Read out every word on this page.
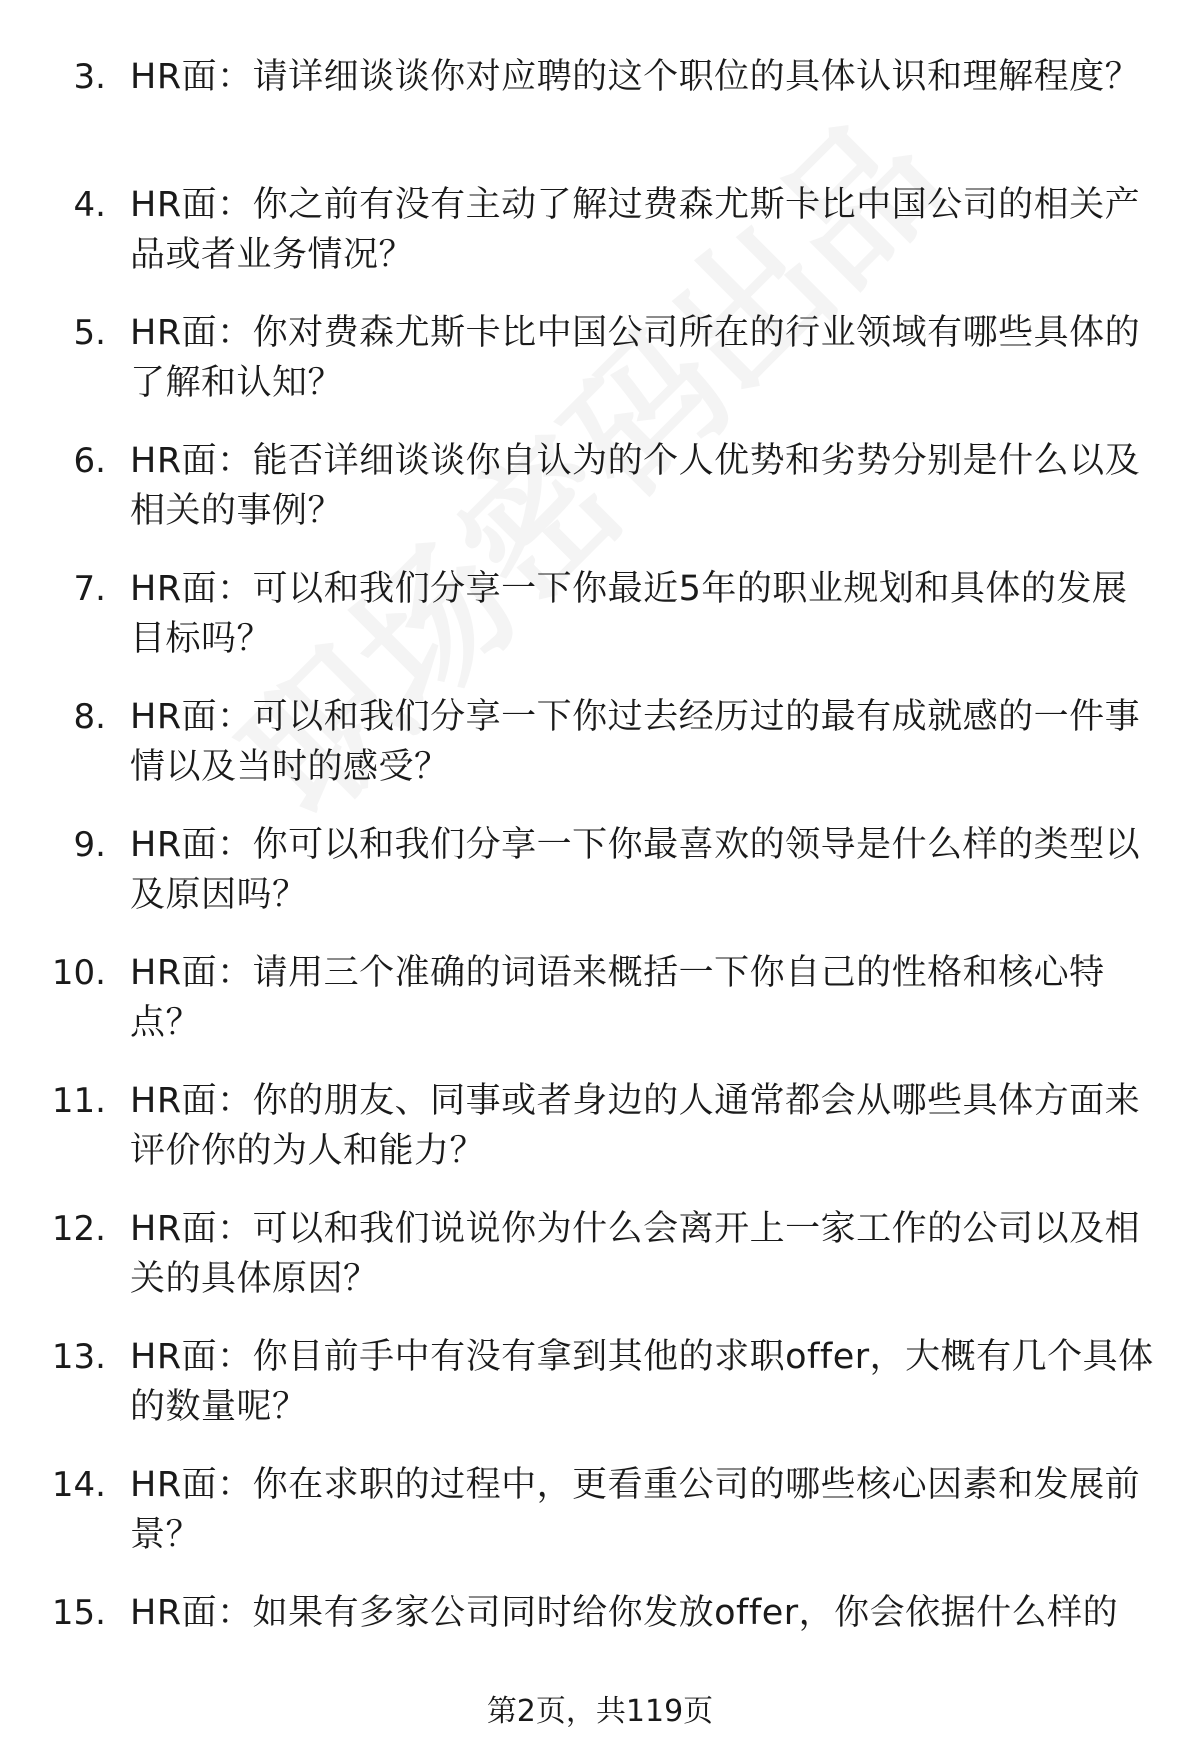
3. HR面：请详细谈谈你对应聘的这个职位的具体认识和理解程度？
4. HR面：你之前有没有主动了解过费森尤斯卡比中国公司的相关产品或者业务情况？
5. HR面：你对费森尤斯卡比中国公司所在的行业领域有哪些具体的了解和认知？
6. HR面：能否详细谈谈你自认为的个人优势和劣势分别是什么以及相关的事例？
7. HR面：可以和我们分享一下你最近5年的职业规划和具体的发展目标吗？
8. HR面：可以和我们分享一下你过去经历过的最有成就感的一件事情以及当时的感受？
9. HR面：你可以和我们分享一下你最喜欢的领导是什么样的类型以及原因吗？
10. HR面：请用三个准确的词语来概括一下你自己的性格和核心特点？
11. HR面：你的朋友、同事或者身边的人通常都会从哪些具体方面来评价你的为人和能力？
12. HR面：可以和我们说说你为什么会离开上一家工作的公司以及相关的具体原因？
13. HR面：你目前手中有没有拿到其他的求职offer，大概有几个具体的数量呢？
14. HR面：你在求职的过程中，更看重公司的哪些核心因素和发展前景？
15. HR面：如果有多家公司同时给你发放offer，你会依据什么样的
第2页，共119页
